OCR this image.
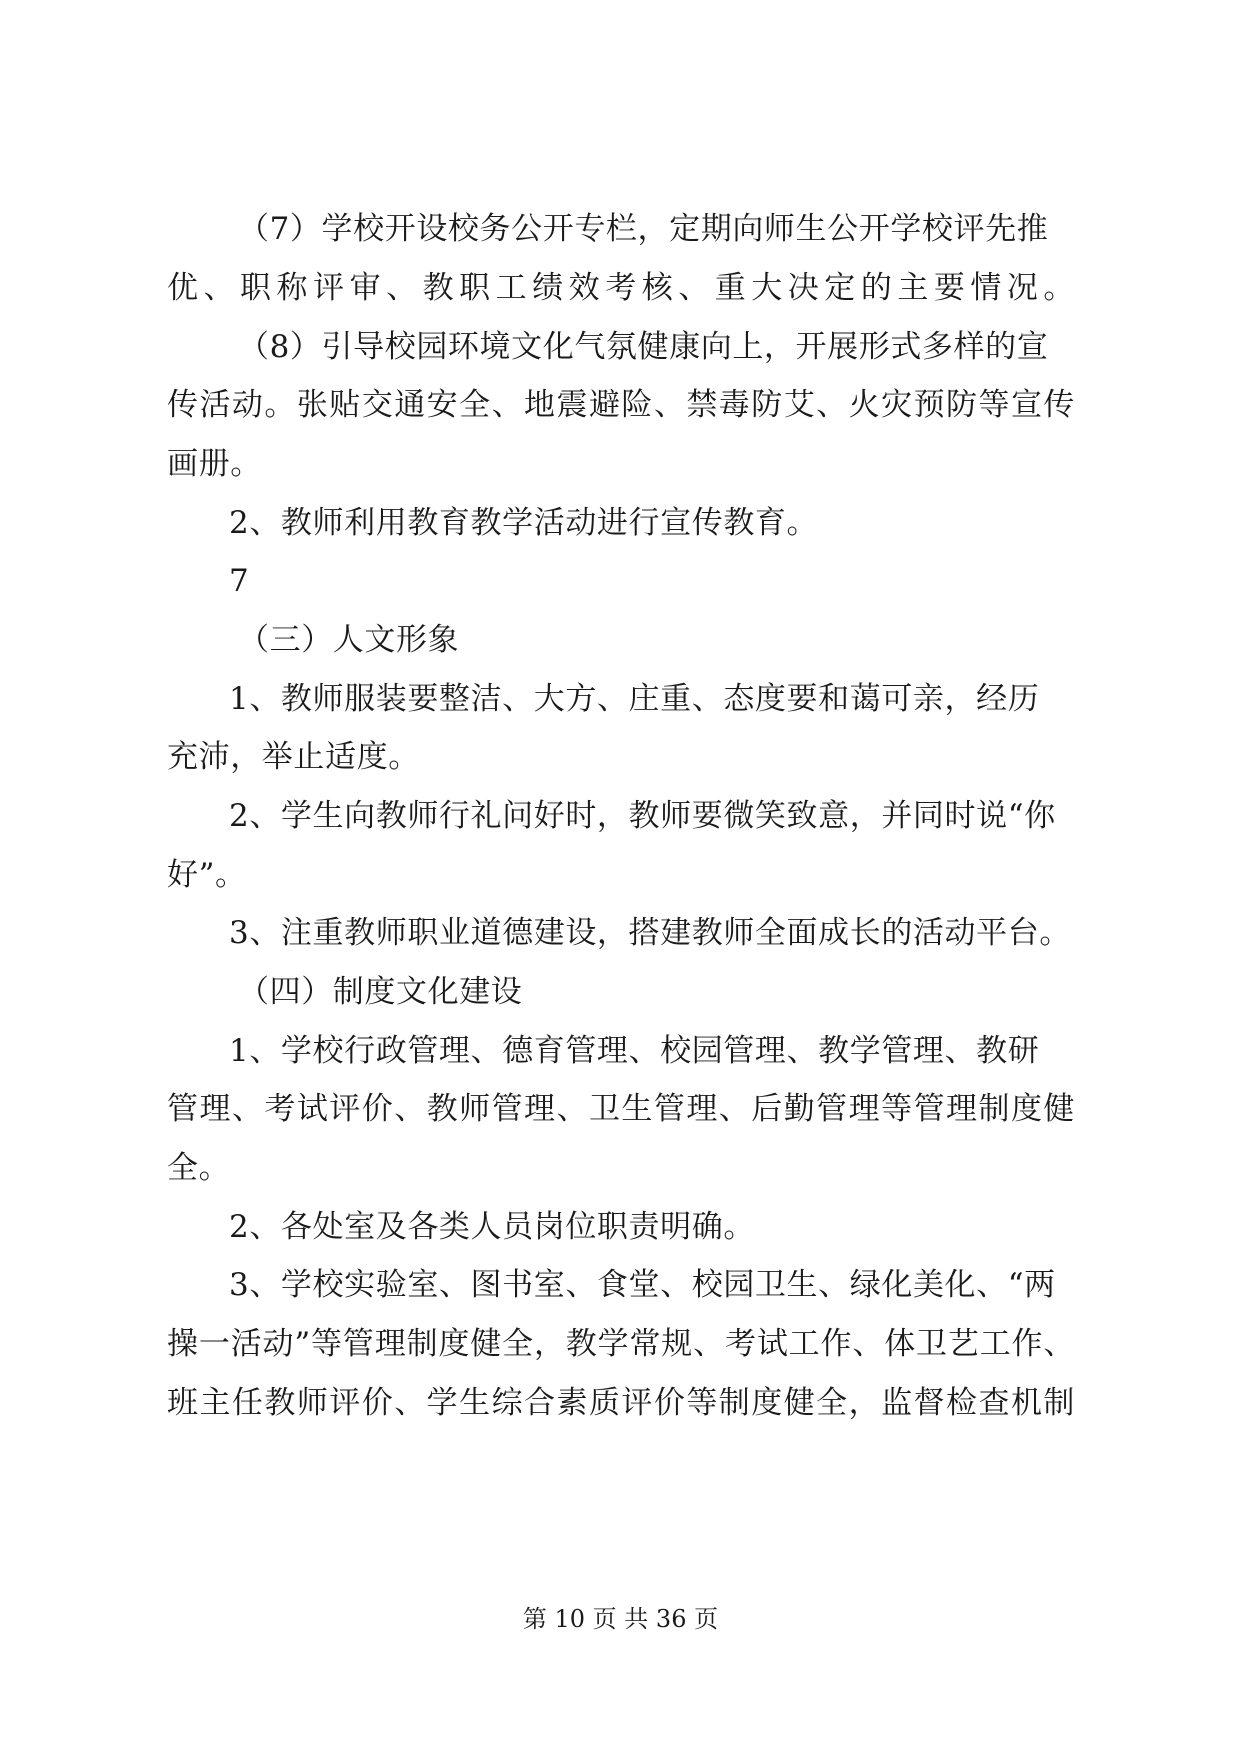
（7）学校开设校务公开专栏，定期向师生公开学校评先推
优、职称评审、教职工绩效考核、重大决定的主要情况。
（8）引导校园环境文化气氛健康向上，开展形式多样的宣
传活动。张贴交通安全、地震避险、禁毒防艾、火灾预防等宣传
画册。
2、教师利用教育教学活动进行宣传教育。
7
（三）人文形象
1、教师服装要整洁、大方、庄重、态度要和蔼可亲，经历
充沛，举止适度。
2、学生向教师行礼问好时，教师要微笑致意，并同时说“你
好”。
3、注重教师职业道德建设，搭建教师全面成长的活动平台。
（四）制度文化建设
1、学校行政管理、德育管理、校园管理、教学管理、教研
管理、考试评价、教师管理、卫生管理、后勤管理等管理制度健
全。
2、各处室及各类人员岗位职责明确。
3、学校实验室、图书室、食堂、校园卫生、绿化美化、“两
操一活动”等管理制度健全，教学常规、考试工作、体卫艺工作、
班主任教师评价、学生综合素质评价等制度健全，监督检查机制
第 10 页 共 36 页
